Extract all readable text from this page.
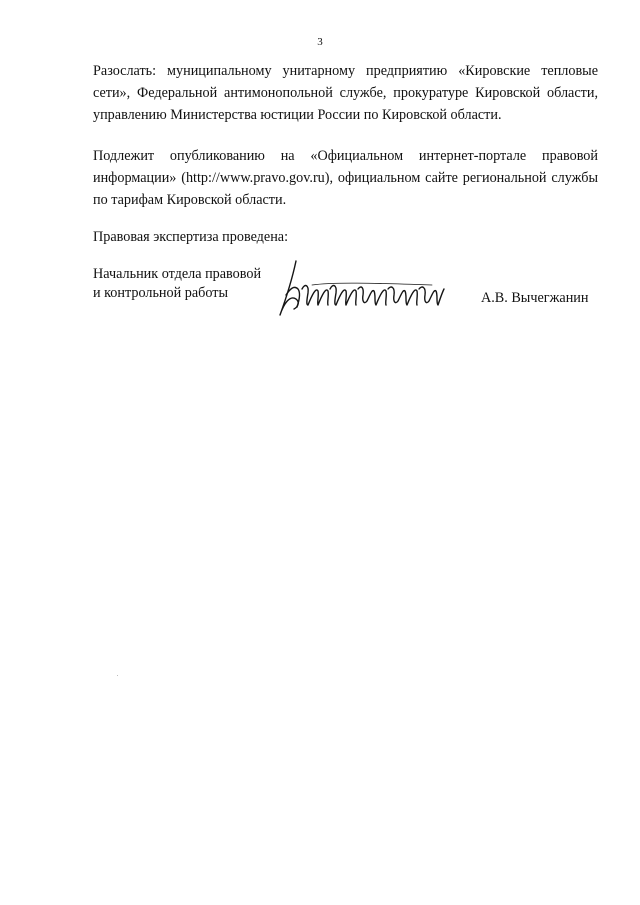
3

Разослать: муниципальному унитарному предприятию «Кировские тепловые сети», Федеральной антимонопольной службе, прокуратуре Кировской области, управлению Министерства юстиции России по Кировской области.

Подлежит опубликованию на «Официальном интернет-портале правовой информации» (http://www.pravo.gov.ru), официальном сайте региональной службы по тарифам Кировской области.

Правовая экспертиза проведена:

Начальник отдела правовой
и контрольной работы	А.В. Вычегжанин
